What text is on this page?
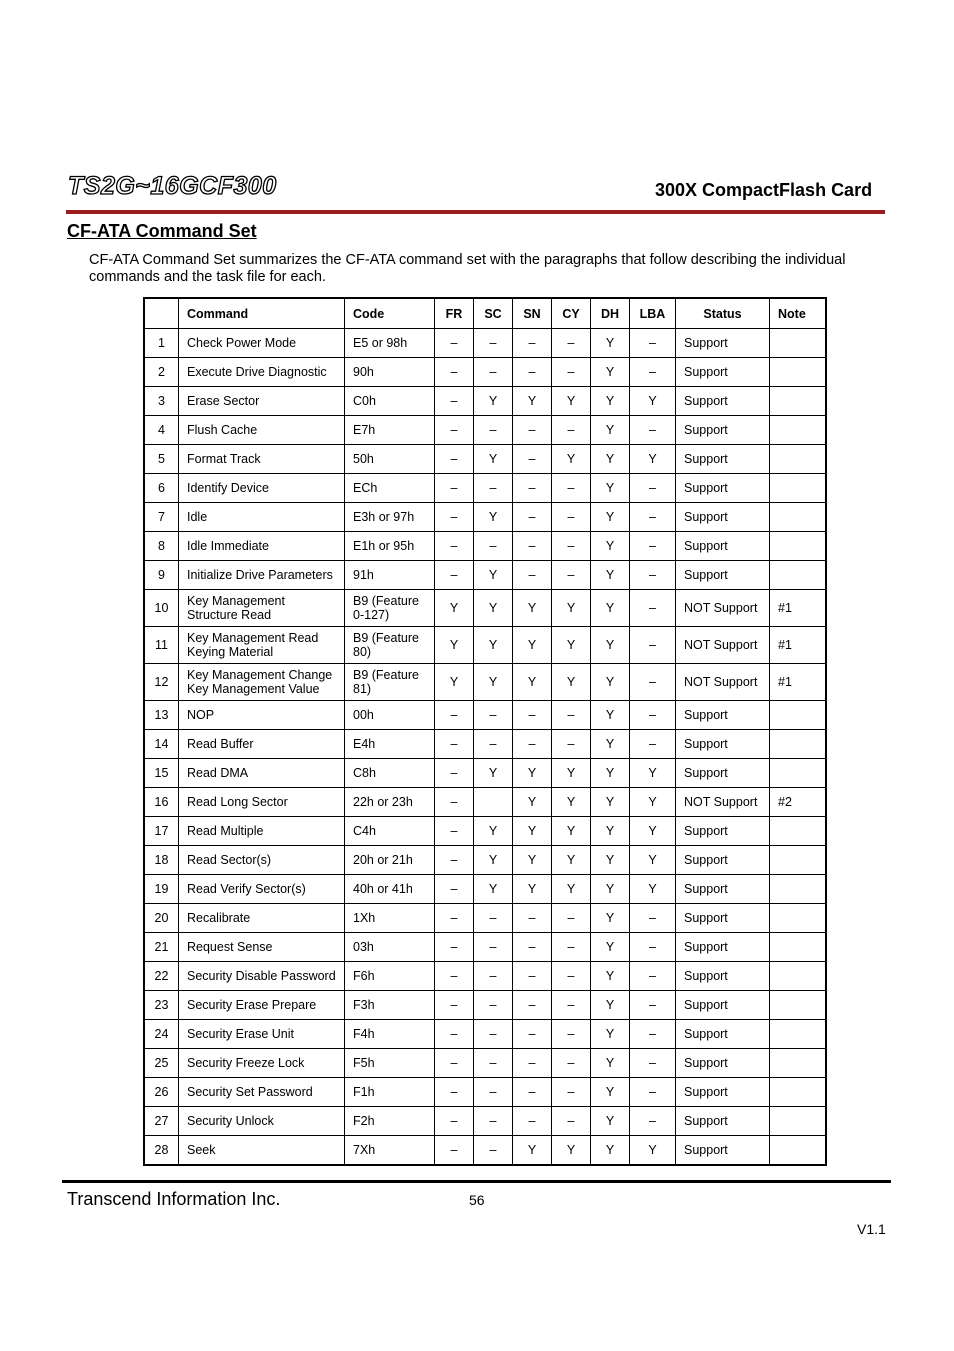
TS2G~16GCF300	300X CompactFlash Card
CF-ATA Command Set
CF-ATA Command Set summarizes the CF-ATA command set with the paragraphs that follow describing the individual commands and the task file for each.
	Command	Code	FR	SC	SN	CY	DH	LBA	Status	Note
1	Check Power Mode	E5 or 98h	–	–	–	–	Y	–	Support	
2	Execute Drive Diagnostic	90h	–	–	–	–	Y	–	Support	
3	Erase Sector	C0h	–	Y	Y	Y	Y	Y	Support	
4	Flush Cache	E7h	–	–	–	–	Y	–	Support	
5	Format Track	50h	–	Y	–	Y	Y	Y	Support	
6	Identify Device	ECh	–	–	–	–	Y	–	Support	
7	Idle	E3h or 97h	–	Y	–	–	Y	–	Support	
8	Idle Immediate	E1h or 95h	–	–	–	–	Y	–	Support	
9	Initialize Drive Parameters	91h	–	Y	–	–	Y	–	Support	
10	Key Management Structure Read	B9 (Feature 0-127)	Y	Y	Y	Y	Y	–	NOT Support	#1
11	Key Management Read Keying Material	B9 (Feature 80)	Y	Y	Y	Y	Y	–	NOT Support	#1
12	Key Management Change Key Management Value	B9 (Feature 81)	Y	Y	Y	Y	Y	–	NOT Support	#1
13	NOP	00h	–	–	–	–	Y	–	Support	
14	Read Buffer	E4h	–	–	–	–	Y	–	Support	
15	Read DMA	C8h	–	Y	Y	Y	Y	Y	Support	
16	Read Long Sector	22h or 23h	–		Y	Y	Y	Y	NOT Support	#2
17	Read Multiple	C4h	–	Y	Y	Y	Y	Y	Support	
18	Read Sector(s)	20h or 21h	–	Y	Y	Y	Y	Y	Support	
19	Read Verify Sector(s)	40h or 41h	–	Y	Y	Y	Y	Y	Support	
20	Recalibrate	1Xh	–	–	–	–	Y	–	Support	
21	Request Sense	03h	–	–	–	–	Y	–	Support	
22	Security Disable Password	F6h	–	–	–	–	Y	–	Support	
23	Security Erase Prepare	F3h	–	–	–	–	Y	–	Support	
24	Security Erase Unit	F4h	–	–	–	–	Y	–	Support	
25	Security Freeze Lock	F5h	–	–	–	–	Y	–	Support	
26	Security Set Password	F1h	–	–	–	–	Y	–	Support	
27	Security Unlock	F2h	–	–	–	–	Y	–	Support	
28	Seek	7Xh	–	–	Y	Y	Y	Y	Support	
Transcend Information Inc.	56
V1.1
